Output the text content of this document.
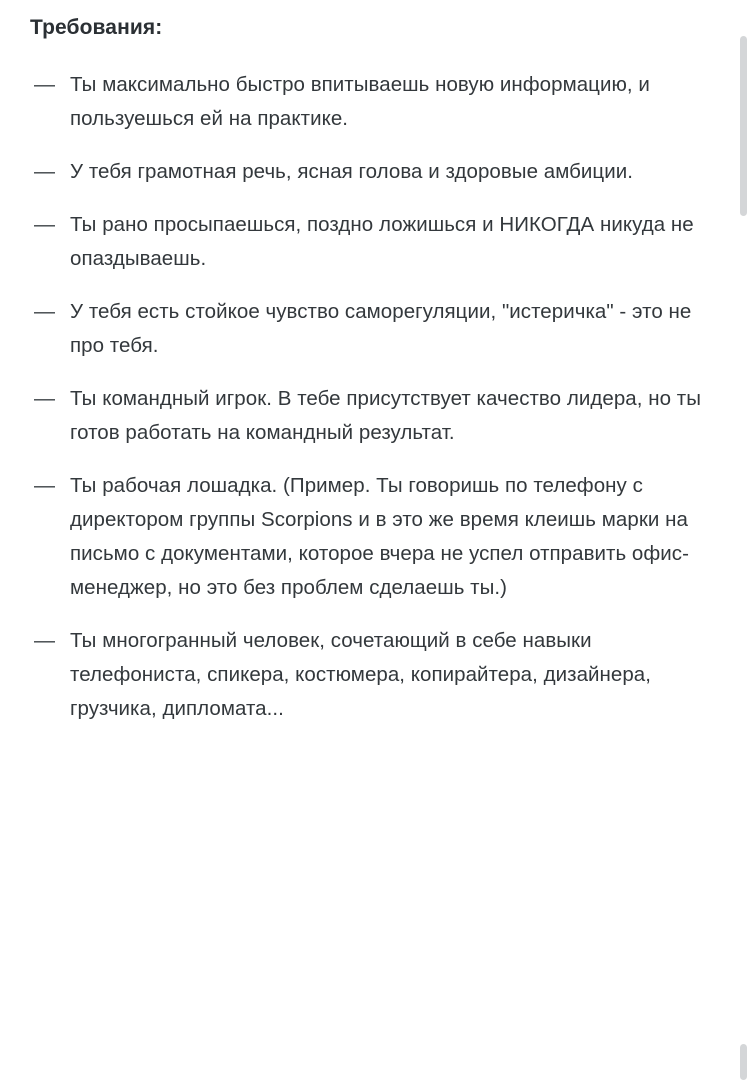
Требования:
— Ты максимально быстро впитываешь новую информацию, и пользуешься ей на практике.
— У тебя грамотная речь, ясная голова и здоровые амбиции.
— Ты рано просыпаешься, поздно ложишься и НИКОГДА никуда не опаздываешь.
— У тебя есть стойкое чувство саморегуляции, "истеричка" - это не про тебя.
— Ты командный игрок. В тебе присутствует качество лидера, но ты готов работать на командный результат.
— Ты рабочая лошадка. (Пример. Ты говоришь по телефону с директором группы Scorpions и в это же время клеишь марки на письмо с документами, которое вчера не успел отправить офис-менеджер, но это без проблем сделаешь ты.)
— Ты многогранный человек, сочетающий в себе навыки телефониста, спикера, костюмера, копирайтера, дизайнера, грузчика, дипломата...
